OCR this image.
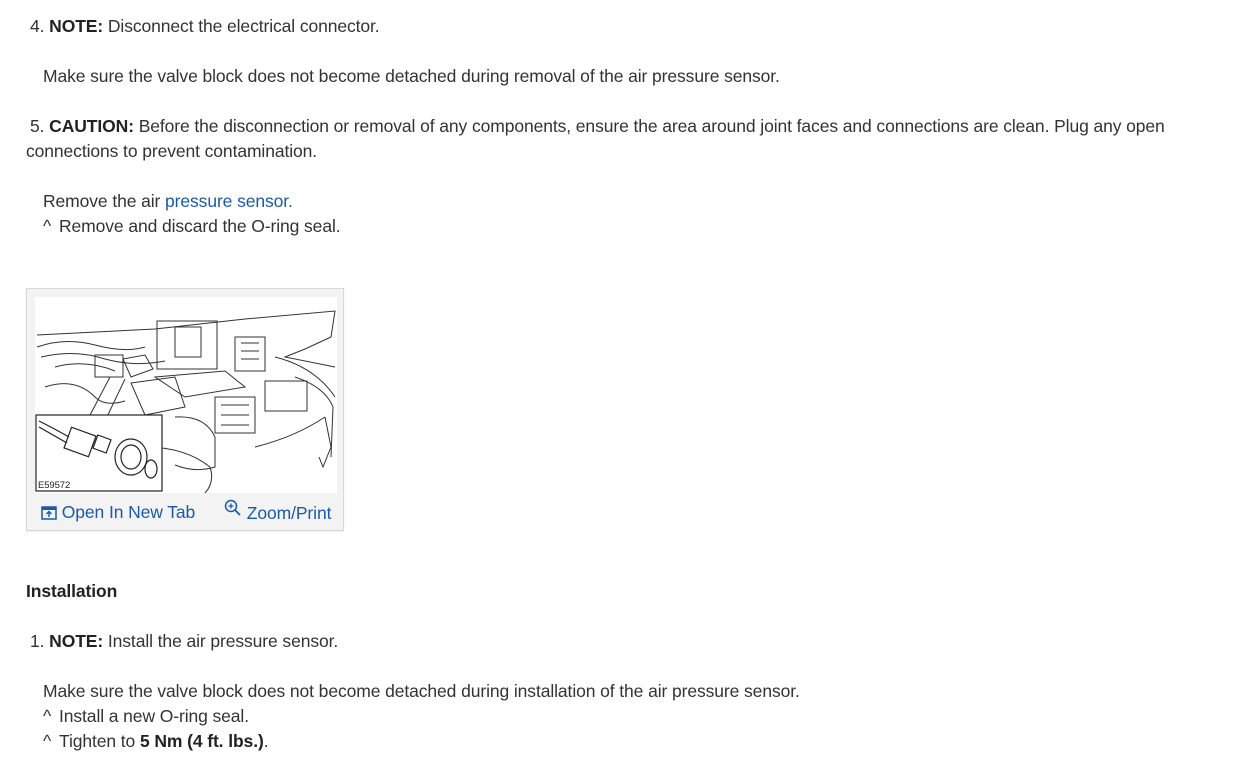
4. NOTE: Disconnect the electrical connector.
Make sure the valve block does not become detached during removal of the air pressure sensor.
5. CAUTION: Before the disconnection or removal of any components, ensure the area around joint faces and connections are clean. Plug any open connections to prevent contamination.
Remove the air pressure sensor.
^ Remove and discard the O-ring seal.
E59572
Open In New Tab	Zoom/Print
Installation
1. NOTE: Install the air pressure sensor.
Make sure the valve block does not become detached during installation of the air pressure sensor.
^ Install a new O-ring seal.
^ Tighten to 5 Nm (4 ft. lbs.).
